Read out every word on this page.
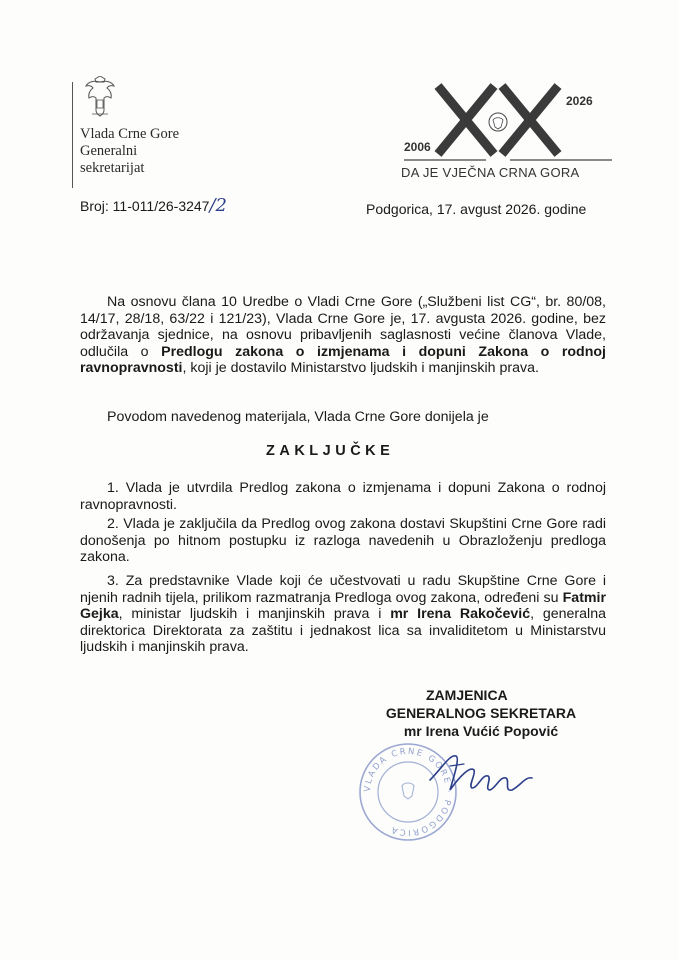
Vlada Crne Gore
Generalni
sekretarijat
2026
2006
DA JE VJEČNA CRNA GORA
Broj: 11-011/26-3247/2	Podgorica, 17. avgust 2026. godine
Na osnovu člana 10 Uredbe o Vladi Crne Gore („Službeni list CG“, br. 80/08, 14/17, 28/18, 63/22 i 121/23), Vlada Crne Gore je, 17. avgusta 2026. godine, bez održavanja sjednice, na osnovu pribavljenih saglasnosti većine članova Vlade, odlučila o Predlogu zakona o izmjenama i dopuni Zakona o rodnoj ravnopravnosti, koji je dostavilo Ministarstvo ljudskih i manjinskih prava.
Povodom navedenog materijala, Vlada Crne Gore donijela je
ZAKLJUČKE
1. Vlada je utvrdila Predlog zakona o izmjenama i dopuni Zakona o rodnoj ravnopravnosti.
2. Vlada je zaključila da Predlog ovog zakona dostavi Skupštini Crne Gore radi donošenja po hitnom postupku iz razloga navedenih u Obrazloženju predloga zakona.
3. Za predstavnike Vlade koji će učestvovati u radu Skupštine Crne Gore i njenih radnih tijela, prilikom razmatranja Predloga ovog zakona, određeni su Fatmir Gejka, ministar ljudskih i manjinskih prava i mr Irena Rakočević, generalna direktorica Direktorata za zaštitu i jednakost lica sa invaliditetom u Ministarstvu ljudskih i manjinskih prava.
VLADA CRNE GORE · PODGORICA
ZAMJENICA
GENERALNOG SEKRETARA
mr Irena Vućić Popović
